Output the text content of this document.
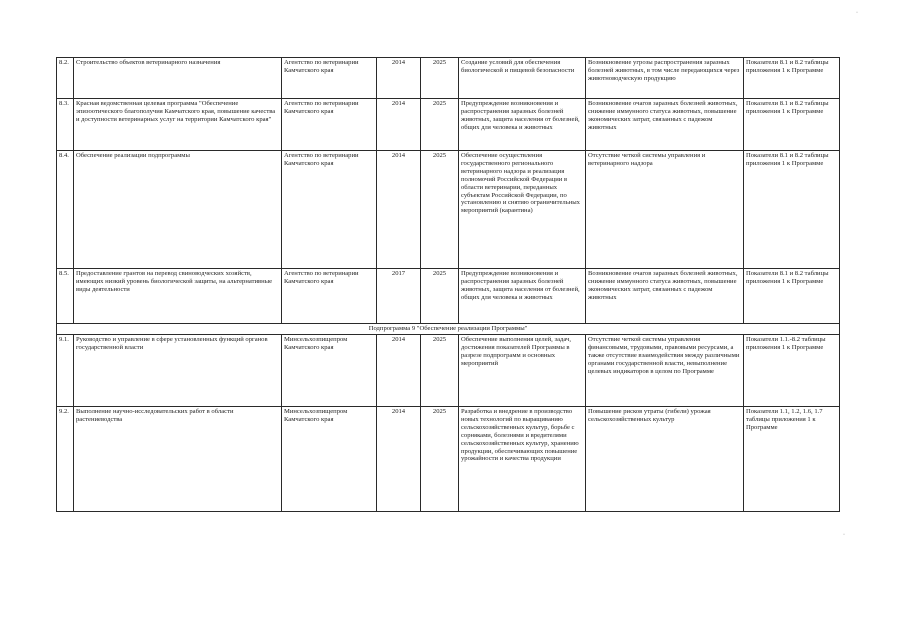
·
·
8.2.	Строительство объектов ветеринарного назначения	Агентство по ветеринарии Камчатского края	2014	2025	Создание условий для обеспечения биологической и пищевой безопасности	Возникновение угрозы распространения заразных болезней животных, в том числе передающихся через животноводческую продукцию	Показатели 8.1 и 8.2 таблицы приложения 1 к Программе
8.3.	Красная ведомственная целевая программа "Обеспечение эпизоотического благополучия Камчатского края, повышение качества и доступности ветеринарных услуг на территории Камчатского края"	Агентство по ветеринарии Камчатского края	2014	2025	Предупреждение возникновения и распространения заразных болезней животных, защита населения от болезней, общих для человека и животных	Возникновение очагов заразных болезней животных, снижение иммунного статуса животных, повышение экономических затрат, связанных с падежом животных	Показатели 8.1 и 8.2 таблицы приложения 1 к Программе
8.4.	Обеспечение реализации подпрограммы	Агентство по ветеринарии Камчатского края	2014	2025	Обеспечение осуществления государственного регионального ветеринарного надзора и реализация полномочий Российской Федерации в области ветеринарии, переданных субъектам Российской Федерации, по установлению и снятию ограничительных мероприятий (карантина)	Отсутствие четкой системы управления и ветеринарного надзора	Показатели 8.1 и 8.2 таблицы приложения 1 к Программе
8.5.	Предоставление грантов на перевод свиноводческих хозяйств, имеющих низкий уровень биологической защиты, на альтернативные виды деятельности	Агентство по ветеринарии Камчатского края	2017	2025	Предупреждение возникновения и распространения заразных болезней животных, защита населения от болезней, общих для человека и животных	Возникновение очагов заразных болезней животных, снижение иммунного статуса животных, повышение экономических затрат, связанных с падежом животных	Показатели 8.1 и 8.2 таблицы приложения 1 к Программе
Подпрограмма 9 "Обеспечение реализации Программы"							
9.1.	Руководство и управление в сфере установленных функций органов государственной власти	Минсельхозпищепром Камчатского края	2014	2025	Обеспечение выполнения целей, задач, достижения показателей Программы в разрезе подпрограмм и основных мероприятий	Отсутствие четкой системы управления финансовыми, трудовыми, правовыми ресурсами, а также отсутствие взаимодействия между различными органами государственной власти, невыполнение целевых индикаторов в целом по Программе	Показатели 1.1.-8.2 таблицы приложения 1 к Программе
9.2.	Выполнение научно-исследовательских работ в области растениеводства	Минсельхозпищепром Камчатского края	2014	2025	Разработка и внедрение в производство новых технологий по выращиванию сельскохозяйственных культур, борьбе с сорняками, болезнями и вредителями сельскохозяйственных культур, хранению продукции, обеспечивающих повышение урожайности и качества продукции	Повышение рисков утраты (гибели) урожая сельскохозяйственных культур	Показатели 1.1, 1.2, 1.6, 1.7 таблицы приложения 1 к Программе
